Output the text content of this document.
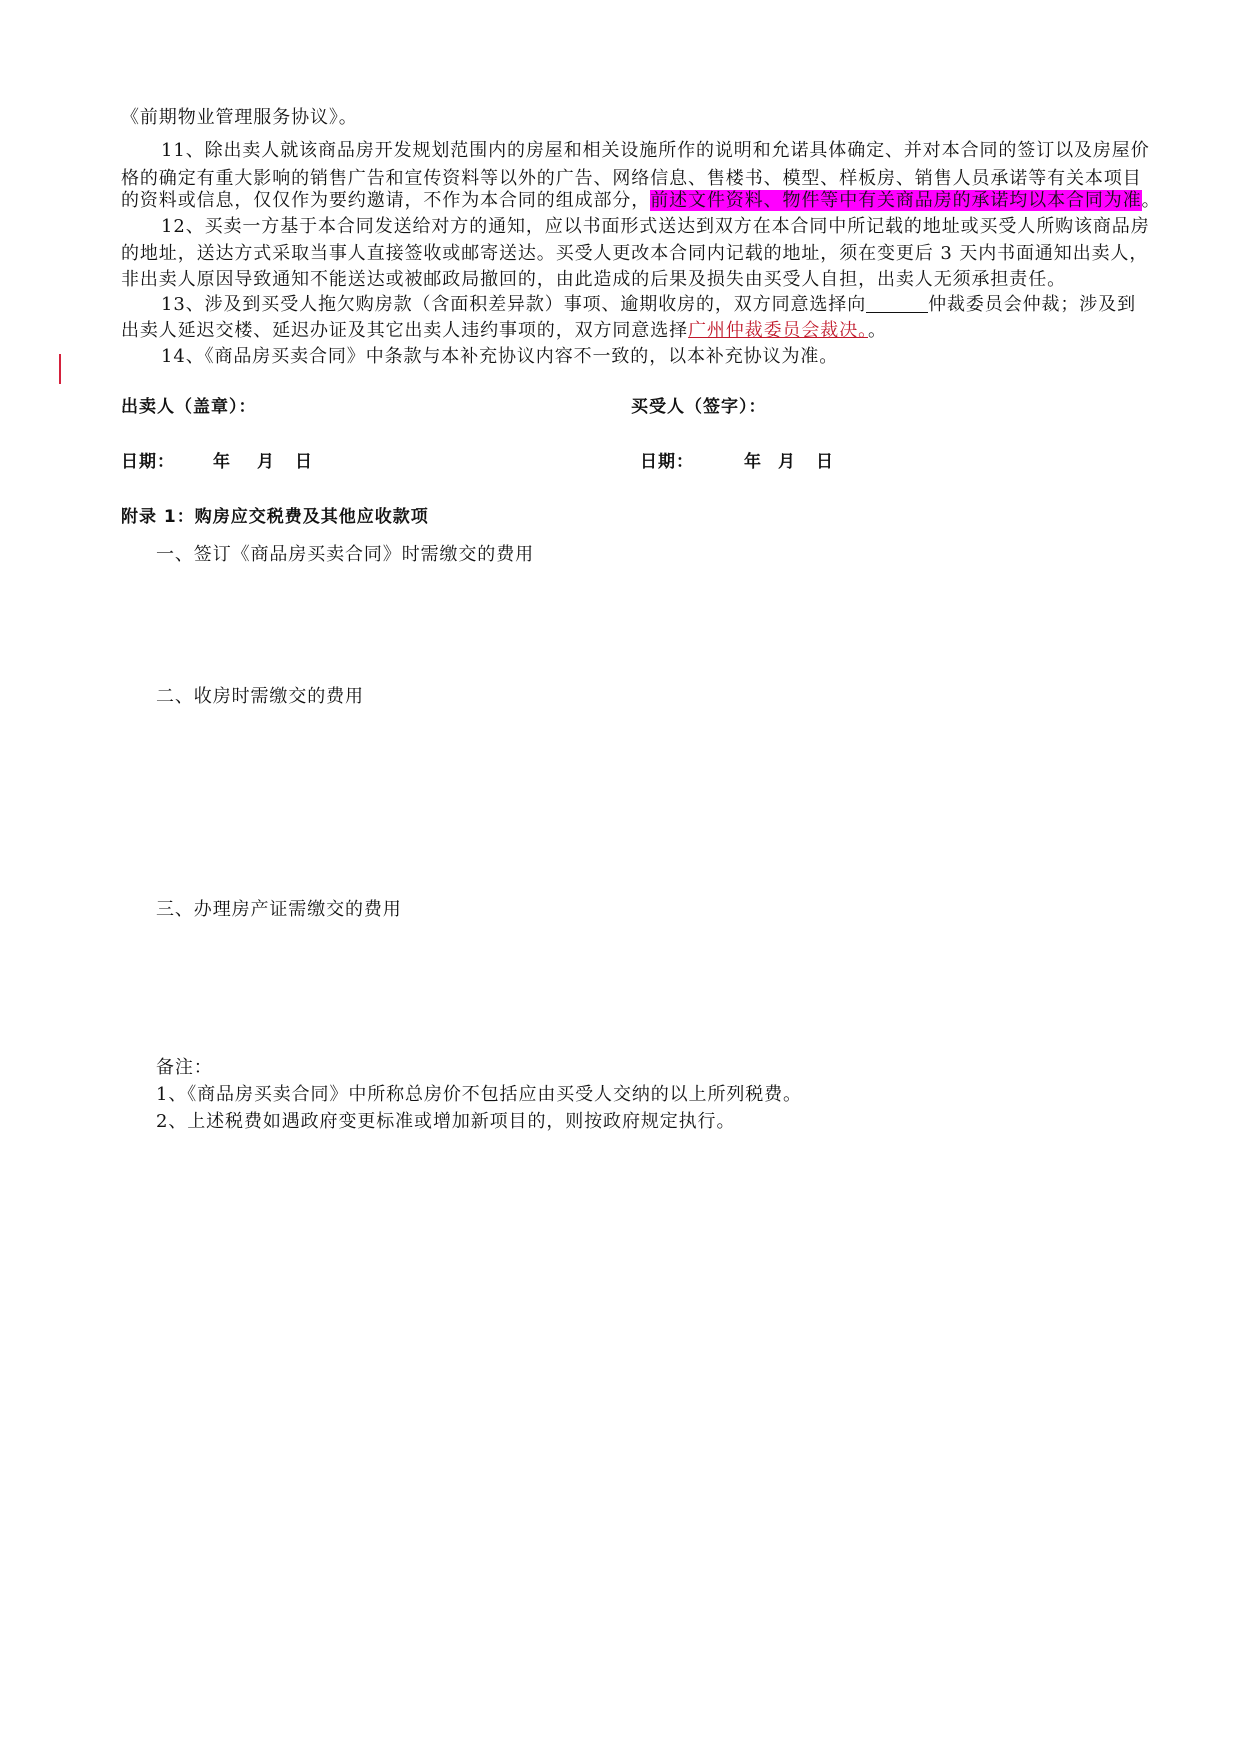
《前期物业管理服务协议》。
11、除出卖人就该商品房开发规划范围内的房屋和相关设施所作的说明和允诺具体确定、并对本合同的签订以及房屋价
格的确定有重大影响的销售广告和宣传资料等以外的广告、网络信息、售楼书、模型、样板房、销售人员承诺等有关本项目
的资料或信息，仅仅作为要约邀请，不作为本合同的组成部分，前述文件资料、物件等中有关商品房的承诺均以本合同为准。
12、买卖一方基于本合同发送给对方的通知，应以书面形式送达到双方在本合同中所记载的地址或买受人所购该商品房
的地址，送达方式采取当事人直接签收或邮寄送达。买受人更改本合同内记载的地址，须在变更后 3 天内书面通知出卖人，
非出卖人原因导致通知不能送达或被邮政局撤回的，由此造成的后果及损失由买受人自担，出卖人无须承担责任。
13、涉及到买受人拖欠购房款（含面积差异款）事项、逾期收房的，双方同意选择向	仲裁委员会仲裁；涉及到
出卖人延迟交楼、延迟办证及其它出卖人违约事项的，双方同意选择广州仲裁委员会裁决。。
14、《商品房买卖合同》中条款与本补充协议内容不一致的，以本补充协议为准。
出卖人（盖章）：	买受人（签字）：
日期： 年 月 日	日期：	年 月 日
附录 1：购房应交税费及其他应收款项
一、签订《商品房买卖合同》时需缴交的费用
二、收房时需缴交的费用
三、办理房产证需缴交的费用
备注：
1、《商品房买卖合同》中所称总房价不包括应由买受人交纳的以上所列税费。
2、上述税费如遇政府变更标准或增加新项目的，则按政府规定执行。
